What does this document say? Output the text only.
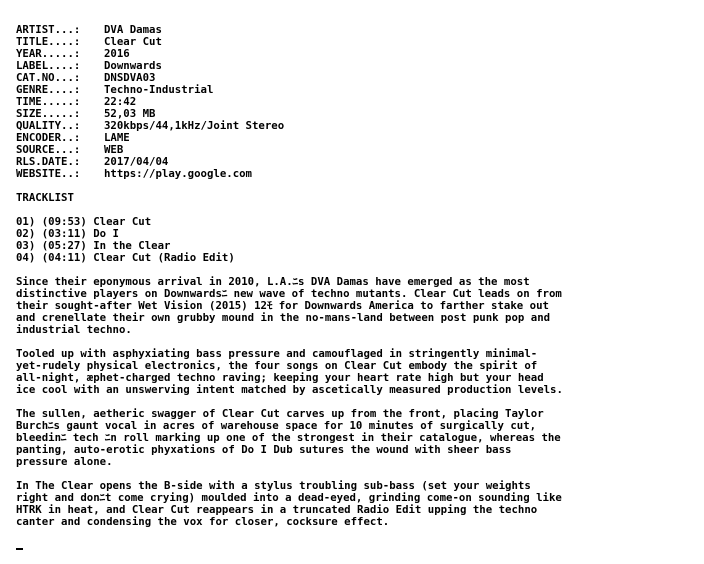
ARTIST...:	DVA Damas
TITLE....:	Clear Cut
YEAR.....:	2016
LABEL....:	Downwards
CAT.NO...:	DNSDVA03
GENRE....:	Techno-Industrial
TIME.....:	22:42
SIZE.....:	52,03 MB
QUALITY..:	320kbps/44,1kHz/Joint Stereo
ENCODER..:	LAME
SOURCE...:	WEB
RLS.DATE.:	2017/04/04
WEBSITE..:	https://play.google.com
TRACKLIST
01) (09:53) Clear Cut
02) (03:11) Do I
03) (05:27) In the Clear
04) (04:11) Clear Cut (Radio Edit)
Since their eponymous arrival in 2010, L.A.ﾆs DVA Damas have emerged as the most
distinctive players on Downwardsﾆ new wave of techno mutants. Clear Cut leads on from
their sought-after Wet Vision (2015) 12ﾓ for Downwards America to farther stake out
and crenellate their own grubby mound in the no-mans-land between post punk pop and
industrial techno.
Tooled up with asphyxiating bass pressure and camouflaged in stringently minimal-
yet-rudely physical electronics, the four songs on Clear Cut embody the spirit of
all-night, æphet-charged techno raving; keeping your heart rate high but your head
ice cool with an unswerving intent matched by ascetically measured production levels.
The sullen, aetheric swagger of Clear Cut carves up from the front, placing Taylor
Burchﾆs gaunt vocal in acres of warehouse space for 10 minutes of surgically cut,
bleedinﾆ tech ﾆn roll marking up one of the strongest in their catalogue, whereas the
panting, auto-erotic phyxations of Do I Dub sutures the wound with sheer bass
pressure alone.
In The Clear opens the B-side with a stylus troubling sub-bass (set your weights
right and donﾆt come crying) moulded into a dead-eyed, grinding come-on sounding like
HTRK in heat, and Clear Cut reappears in a truncated Radio Edit upping the techno
canter and condensing the vox for closer, cocksure effect.
